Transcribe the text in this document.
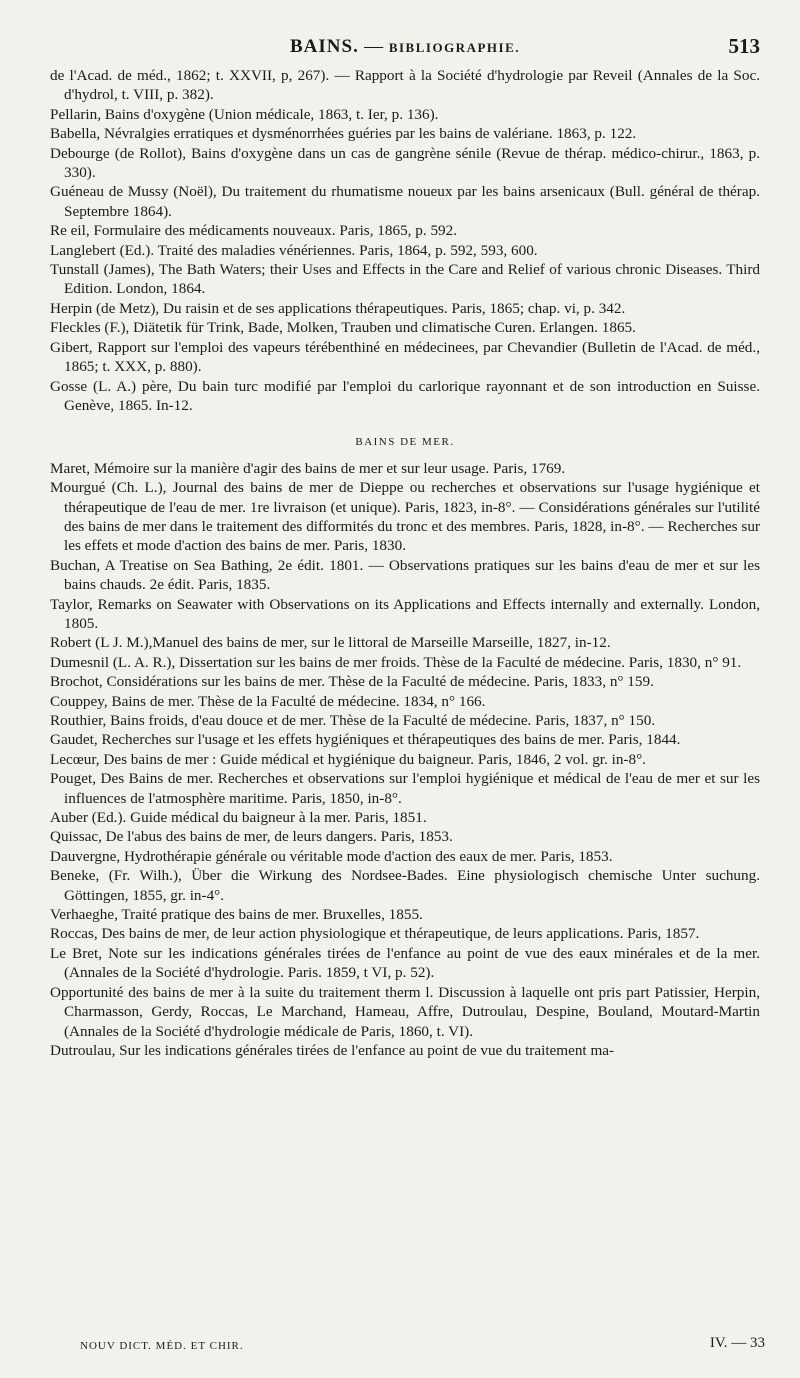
BAINS. — BIBLIOGRAPHIE.	513

de l'Acad. de méd., 1862; t. XXVII, p, 267). — Rapport à la Société d'hydrologie par Reveil (Annales de la Soc. d'hydrol, t. VIII, p. 382).

Pellarin, Bains d'oxygène (Union médicale, 1863, t. Ier, p. 136).

Babella, Névralgies erratiques et dysménorrhées guéries par les bains de valériane. 1863, p. 122.

Debourge (de Rollot), Bains d'oxygène dans un cas de gangrène sénile (Revue de thérap. médico-chirur., 1863, p. 330).

Guéneau de Mussy (Noël), Du traitement du rhumatisme noueux par les bains arsenicaux (Bull. général de thérap. Septembre 1864).

Re eil, Formulaire des médicaments nouveaux. Paris, 1865, p. 592.

Langlebert (Ed.). Traité des maladies vénériennes. Paris, 1864, p. 592, 593, 600.

Tunstall (James), The Bath Waters; their Uses and Effects in the Care and Relief of various chronic Diseases. Third Edition. London, 1864.

Herpin (de Metz), Du raisin et de ses applications thérapeutiques. Paris, 1865; chap. vi, p. 342.

Fleckles (F.), Diätetik für Trink, Bade, Molken, Trauben und climatische Curen. Erlangen. 1865.

Gibert, Rapport sur l'emploi des vapeurs térébenthiné en médecinees, par Chevandier (Bulletin de l'Acad. de méd., 1865; t. XXX, p. 880).

Gosse (L. A.) père, Du bain turc modifié par l'emploi du carlorique rayonnant et de son introduction en Suisse. Genève, 1865. In-12.

BAINS DE MER.

Maret, Mémoire sur la manière d'agir des bains de mer et sur leur usage. Paris, 1769.

Mourgué (Ch. L.), Journal des bains de mer de Dieppe ou recherches et observations sur l'usage hygiénique et thérapeutique de l'eau de mer. 1re livraison (et unique). Paris, 1823, in-8°. — Considérations générales sur l'utilité des bains de mer dans le traitement des difformités du tronc et des membres. Paris, 1828, in-8°. — Recherches sur les effets et mode d'action des bains de mer. Paris, 1830.

Buchan, A Treatise on Sea Bathing, 2e édit. 1801. — Observations pratiques sur les bains d'eau de mer et sur les bains chauds. 2e édit. Paris, 1835.

Taylor, Remarks on Seawater with Observations on its Applications and Effects internally and externally. London, 1805.

Robert (L J. M.),Manuel des bains de mer, sur le littoral de Marseille Marseille, 1827, in-12.

Dumesnil (L. A. R.), Dissertation sur les bains de mer froids. Thèse de la Faculté de médecine. Paris, 1830, n° 91.

Brochot, Considérations sur les bains de mer. Thèse de la Faculté de médecine. Paris, 1833, n° 159.

Couppey, Bains de mer. Thèse de la Faculté de médecine. 1834, n° 166.

Routhier, Bains froids, d'eau douce et de mer. Thèse de la Faculté de médecine. Paris, 1837, n° 150.

Gaudet, Recherches sur l'usage et les effets hygiéniques et thérapeutiques des bains de mer. Paris, 1844.

Lecœur, Des bains de mer : Guide médical et hygiénique du baigneur. Paris, 1846, 2 vol. gr. in-8°.

Pouget, Des Bains de mer. Recherches et observations sur l'emploi hygiénique et médical de l'eau de mer et sur les influences de l'atmosphère maritime. Paris, 1850, in-8°.

Auber (Ed.). Guide médical du baigneur à la mer. Paris, 1851.

Quissac, De l'abus des bains de mer, de leurs dangers. Paris, 1853.

Dauvergne, Hydrothérapie générale ou véritable mode d'action des eaux de mer. Paris, 1853.

Beneke, (Fr. Wilh.), Über die Wirkung des Nordsee-Bades. Eine physiologisch chemische Unter suchung. Göttingen, 1855, gr. in-4°.

Verhaeghe, Traité pratique des bains de mer. Bruxelles, 1855.

Roccas, Des bains de mer, de leur action physiologique et thérapeutique, de leurs applications. Paris, 1857.

Le Bret, Note sur les indications générales tirées de l'enfance au point de vue des eaux minérales et de la mer. (Annales de la Société d'hydrologie. Paris. 1859, t VI, p. 52).

Opportunité des bains de mer à la suite du traitement therm l. Discussion à laquelle ont pris part Patissier, Herpin, Charmasson, Gerdy, Roccas, Le Marchand, Hameau, Affre, Dutroulau, Despine, Bouland, Moutard-Martin (Annales de la Société d'hydrologie médicale de Paris, 1860, t. VI).

Dutroulau, Sur les indications générales tirées de l'enfance au point de vue du traitement ma-

NOUV DICT. MÉD. ET CHIR.	IV. — 33
